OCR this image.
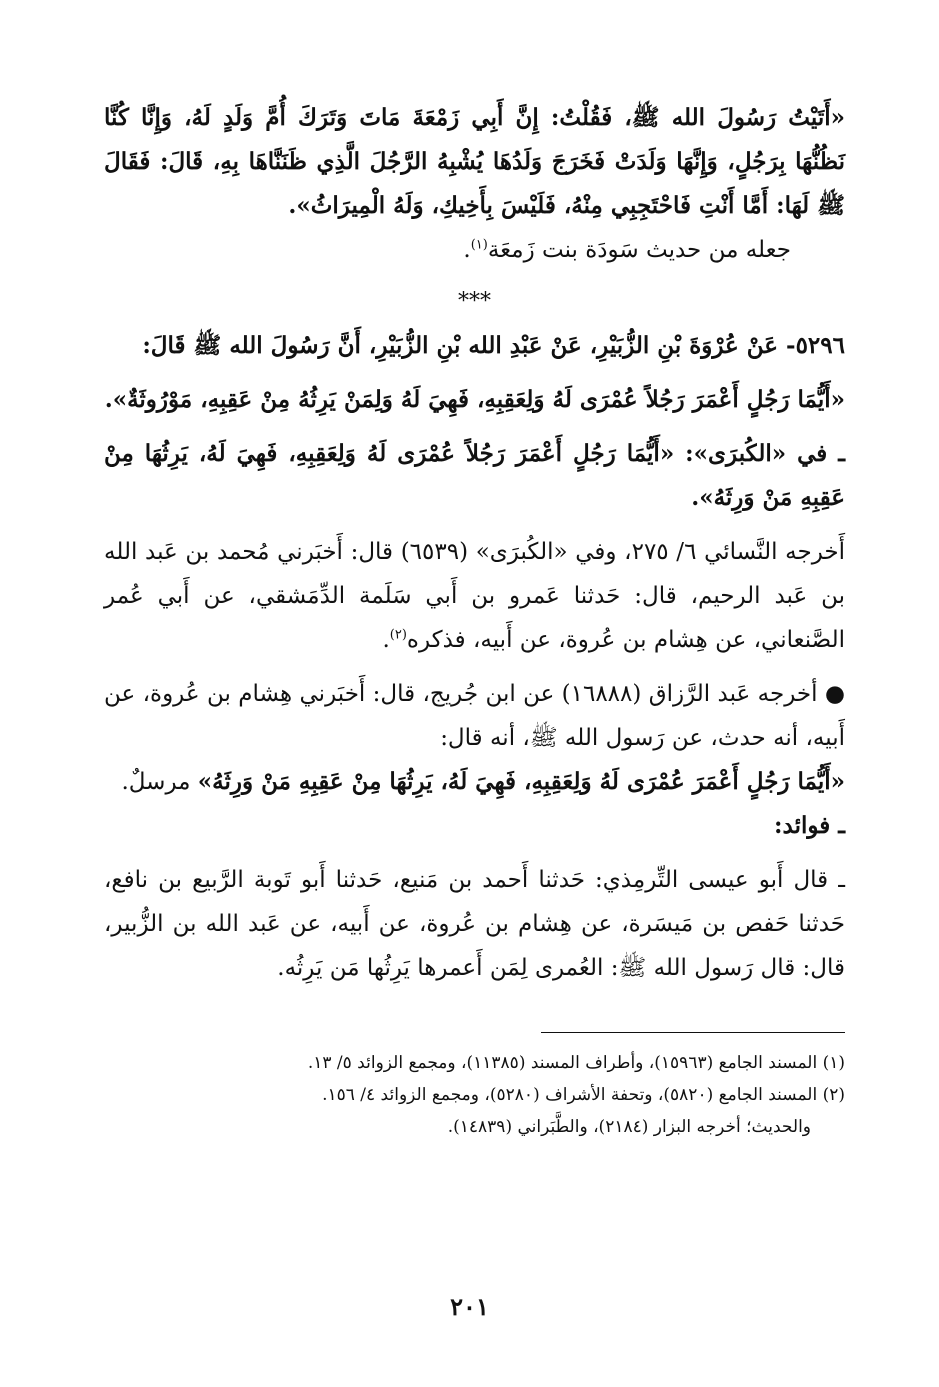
«أَتَيْتُ رَسُولَ الله ﷺ، فَقُلْتُ: إِنَّ أَبِي زَمْعَةَ مَاتَ وَتَرَكَ أُمَّ وَلَدٍ لَهُ، وَإِنَّا كُنَّا نَظُنُّهَا بِرَجُلٍ، وَإِنَّهَا وَلَدَتْ فَخَرَجَ وَلَدُهَا يُشْبِهُ الرَّجُلَ الَّذِي ظَنَنَّاهَا بِهِ، قَالَ: فَقَالَ ﷺ لَهَا: أَمَّا أَنْتِ فَاحْتَجِبِي مِنْهُ، فَلَيْسَ بِأَخِيكِ، وَلَهُ الْمِيرَاثُ».

جعله من حديث سَودَة بنت زَمعَة$^{(١)}$.

***

٥٢٩٦- عَنْ عُرْوَةَ بْنِ الزُّبَيْرِ، عَنْ عَبْدِ الله بْنِ الزُّبَيْرِ، أَنَّ رَسُولَ الله ﷺ قَالَ:

«أَيُّمَا رَجُلٍ أَعْمَرَ رَجُلاً عُمْرَى لَهُ وَلِعَقِبِهِ، فَهِيَ لَهُ وَلِمَنْ يَرِثُهُ مِنْ عَقِبِهِ، مَوْرُوثَةٌ».

ـ في «الكُبرَى»: «أَيُّمَا رَجُلٍ أَعْمَرَ رَجُلاً عُمْرَى لَهُ وَلِعَقِبِهِ، فَهِيَ لَهُ، يَرِثُهَا مِنْ عَقِبِهِ مَنْ وَرِثَهُ».

أَخرجه النَّسائي ٦/ ٢٧٥، وفي «الكُبرَى» (٦٥٣٩) قال: أَخبَرني مُحمد بن عَبد الله بن عَبد الرحيم، قال: حَدثنا عَمرو بن أَبي سَلَمة الدِّمَشقي، عن أَبي عُمر الصَّنعاني، عن هِشام بن عُروة، عن أَبيه، فذكره$^{(٢)}$.

● أخرجه عَبد الرَّزاق (١٦٨٨٨) عن ابن جُريج، قال: أَخبَرني هِشام بن عُروة، عن أَبيه، أنه حدث، عن رَسول الله ﷺ، أنه قال:

«أَيُّمَا رَجُلٍ أَعْمَرَ عُمْرَى لَهُ وَلِعَقِبِهِ، فَهِيَ لَهُ، يَرِثُهَا مِنْ عَقِبِهِ مَنْ وَرِثَهُ» مرسلٌ.

ـ فوائد:

ـ قال أَبو عيسى التِّرمِذي: حَدثنا أَحمد بن مَنيع، حَدثنا أَبو تَوبة الرَّبيع بن نافع، حَدثنا حَفص بن مَيسَرة، عن هِشام بن عُروة، عن أَبيه، عن عَبد الله بن الزُّبير، قال: قال رَسول الله ﷺ: العُمرى لِمَن أَعمرها يَرِثُها مَن يَرِثُه.

(١) المسند الجامع (١٥٩٦٣)، وأطراف المسند (١١٣٨٥)، ومجمع الزوائد ٥/ ١٣.

(٢) المسند الجامع (٥٨٢٠)، وتحفة الأشراف (٥٢٨٠)، ومجمع الزوائد ٤/ ١٥٦.

والحديث؛ أخرجه البزار (٢١٨٤)، والطَّبَراني (١٤٨٣٩).

٢٠١
